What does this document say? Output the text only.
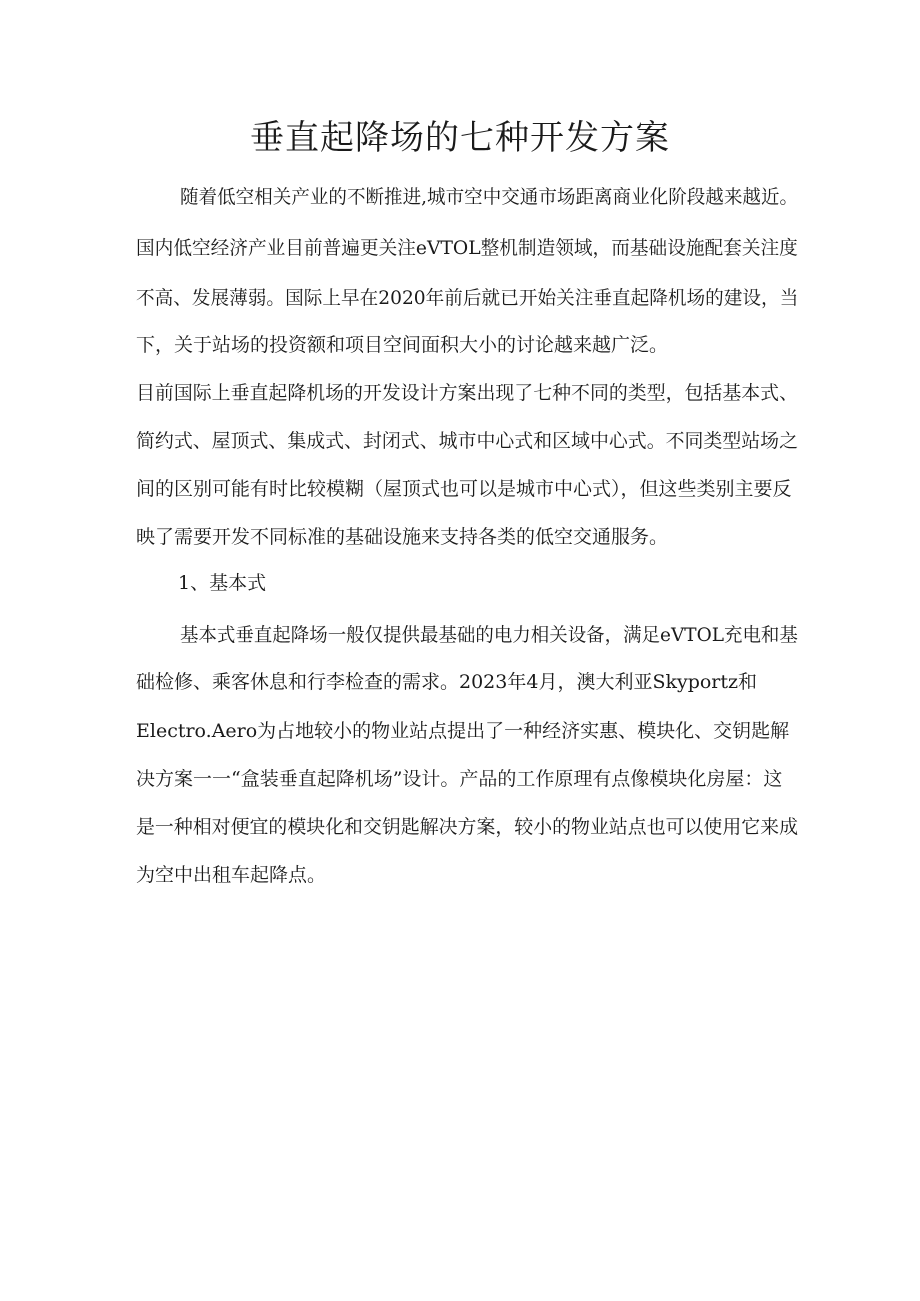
垂直起降场的七种开发方案

随着低空相关产业的不断推进,城市空中交通市场距离商业化阶段越来越近。

国内低空经济产业目前普遍更关注eVTOL整机制造领域，而基础设施配套关注度

不高、发展薄弱。国际上早在2020年前后就已开始关注垂直起降机场的建设，当

下，关于站场的投资额和项目空间面积大小的讨论越来越广泛。

目前国际上垂直起降机场的开发设计方案出现了七种不同的类型，包括基本式、

简约式、屋顶式、集成式、封闭式、城市中心式和区域中心式。不同类型站场之

间的区别可能有时比较模糊（屋顶式也可以是城市中心式），但这些类别主要反

映了需要开发不同标准的基础设施来支持各类的低空交通服务。

1、基本式

基本式垂直起降场一般仅提供最基础的电力相关设备，满足eVTOL充电和基

础检修、乘客休息和行李检查的需求。2023年4月，澳大利亚Skyportz和

Electro.Aero为占地较小的物业站点提出了一种经济实惠、模块化、交钥匙解

决方案一一“盒装垂直起降机场”设计。产品的工作原理有点像模块化房屋：这

是一种相对便宜的模块化和交钥匙解决方案，较小的物业站点也可以使用它来成

为空中出租车起降点。
